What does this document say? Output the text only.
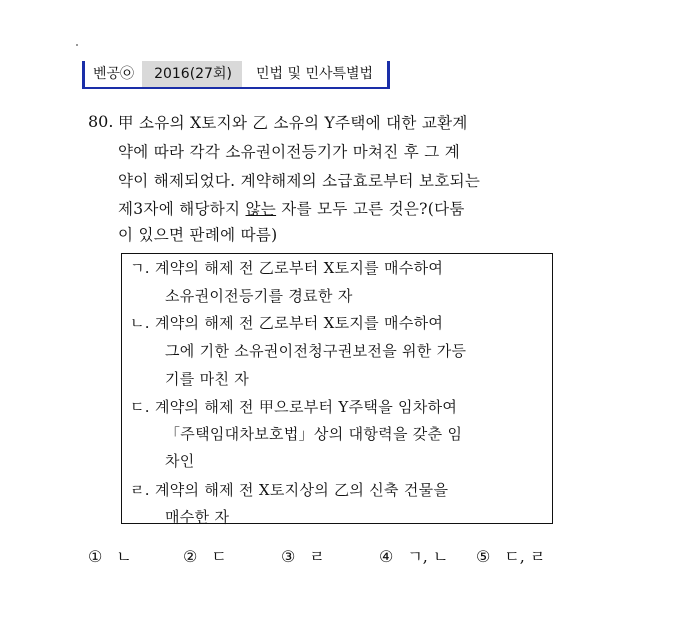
벤공㉧	2016(27회)	민법 및 민사특별법
80. 甲 소유의 X토지와 乙 소유의 Y주택에 대한 교환계
약에 따라 각각 소유권이전등기가 마쳐진 후 그 계
약이 해제되었다. 계약해제의 소급효로부터 보호되는
제3자에 해당하지 않는 자를 모두 고른 것은?(다툼
이 있으면 판례에 따름)
ㄱ. 계약의 해제 전 乙로부터 X토지를 매수하여
소유권이전등기를 경료한 자
ㄴ. 계약의 해제 전 乙로부터 X토지를 매수하여
그에 기한 소유권이전청구권보전을 위한 가등
기를 마친 자
ㄷ. 계약의 해제 전 甲으로부터 Y주택을 임차하여
「주택임대차보호법」상의 대항력을 갖춘 임
차인
ㄹ. 계약의 해제 전 X토지상의 乙의 신축 건물을
매수한 자
① ㄴ	② ㄷ	③ ㄹ	④ ㄱ, ㄴ ⑤ ㄷ, ㄹ
